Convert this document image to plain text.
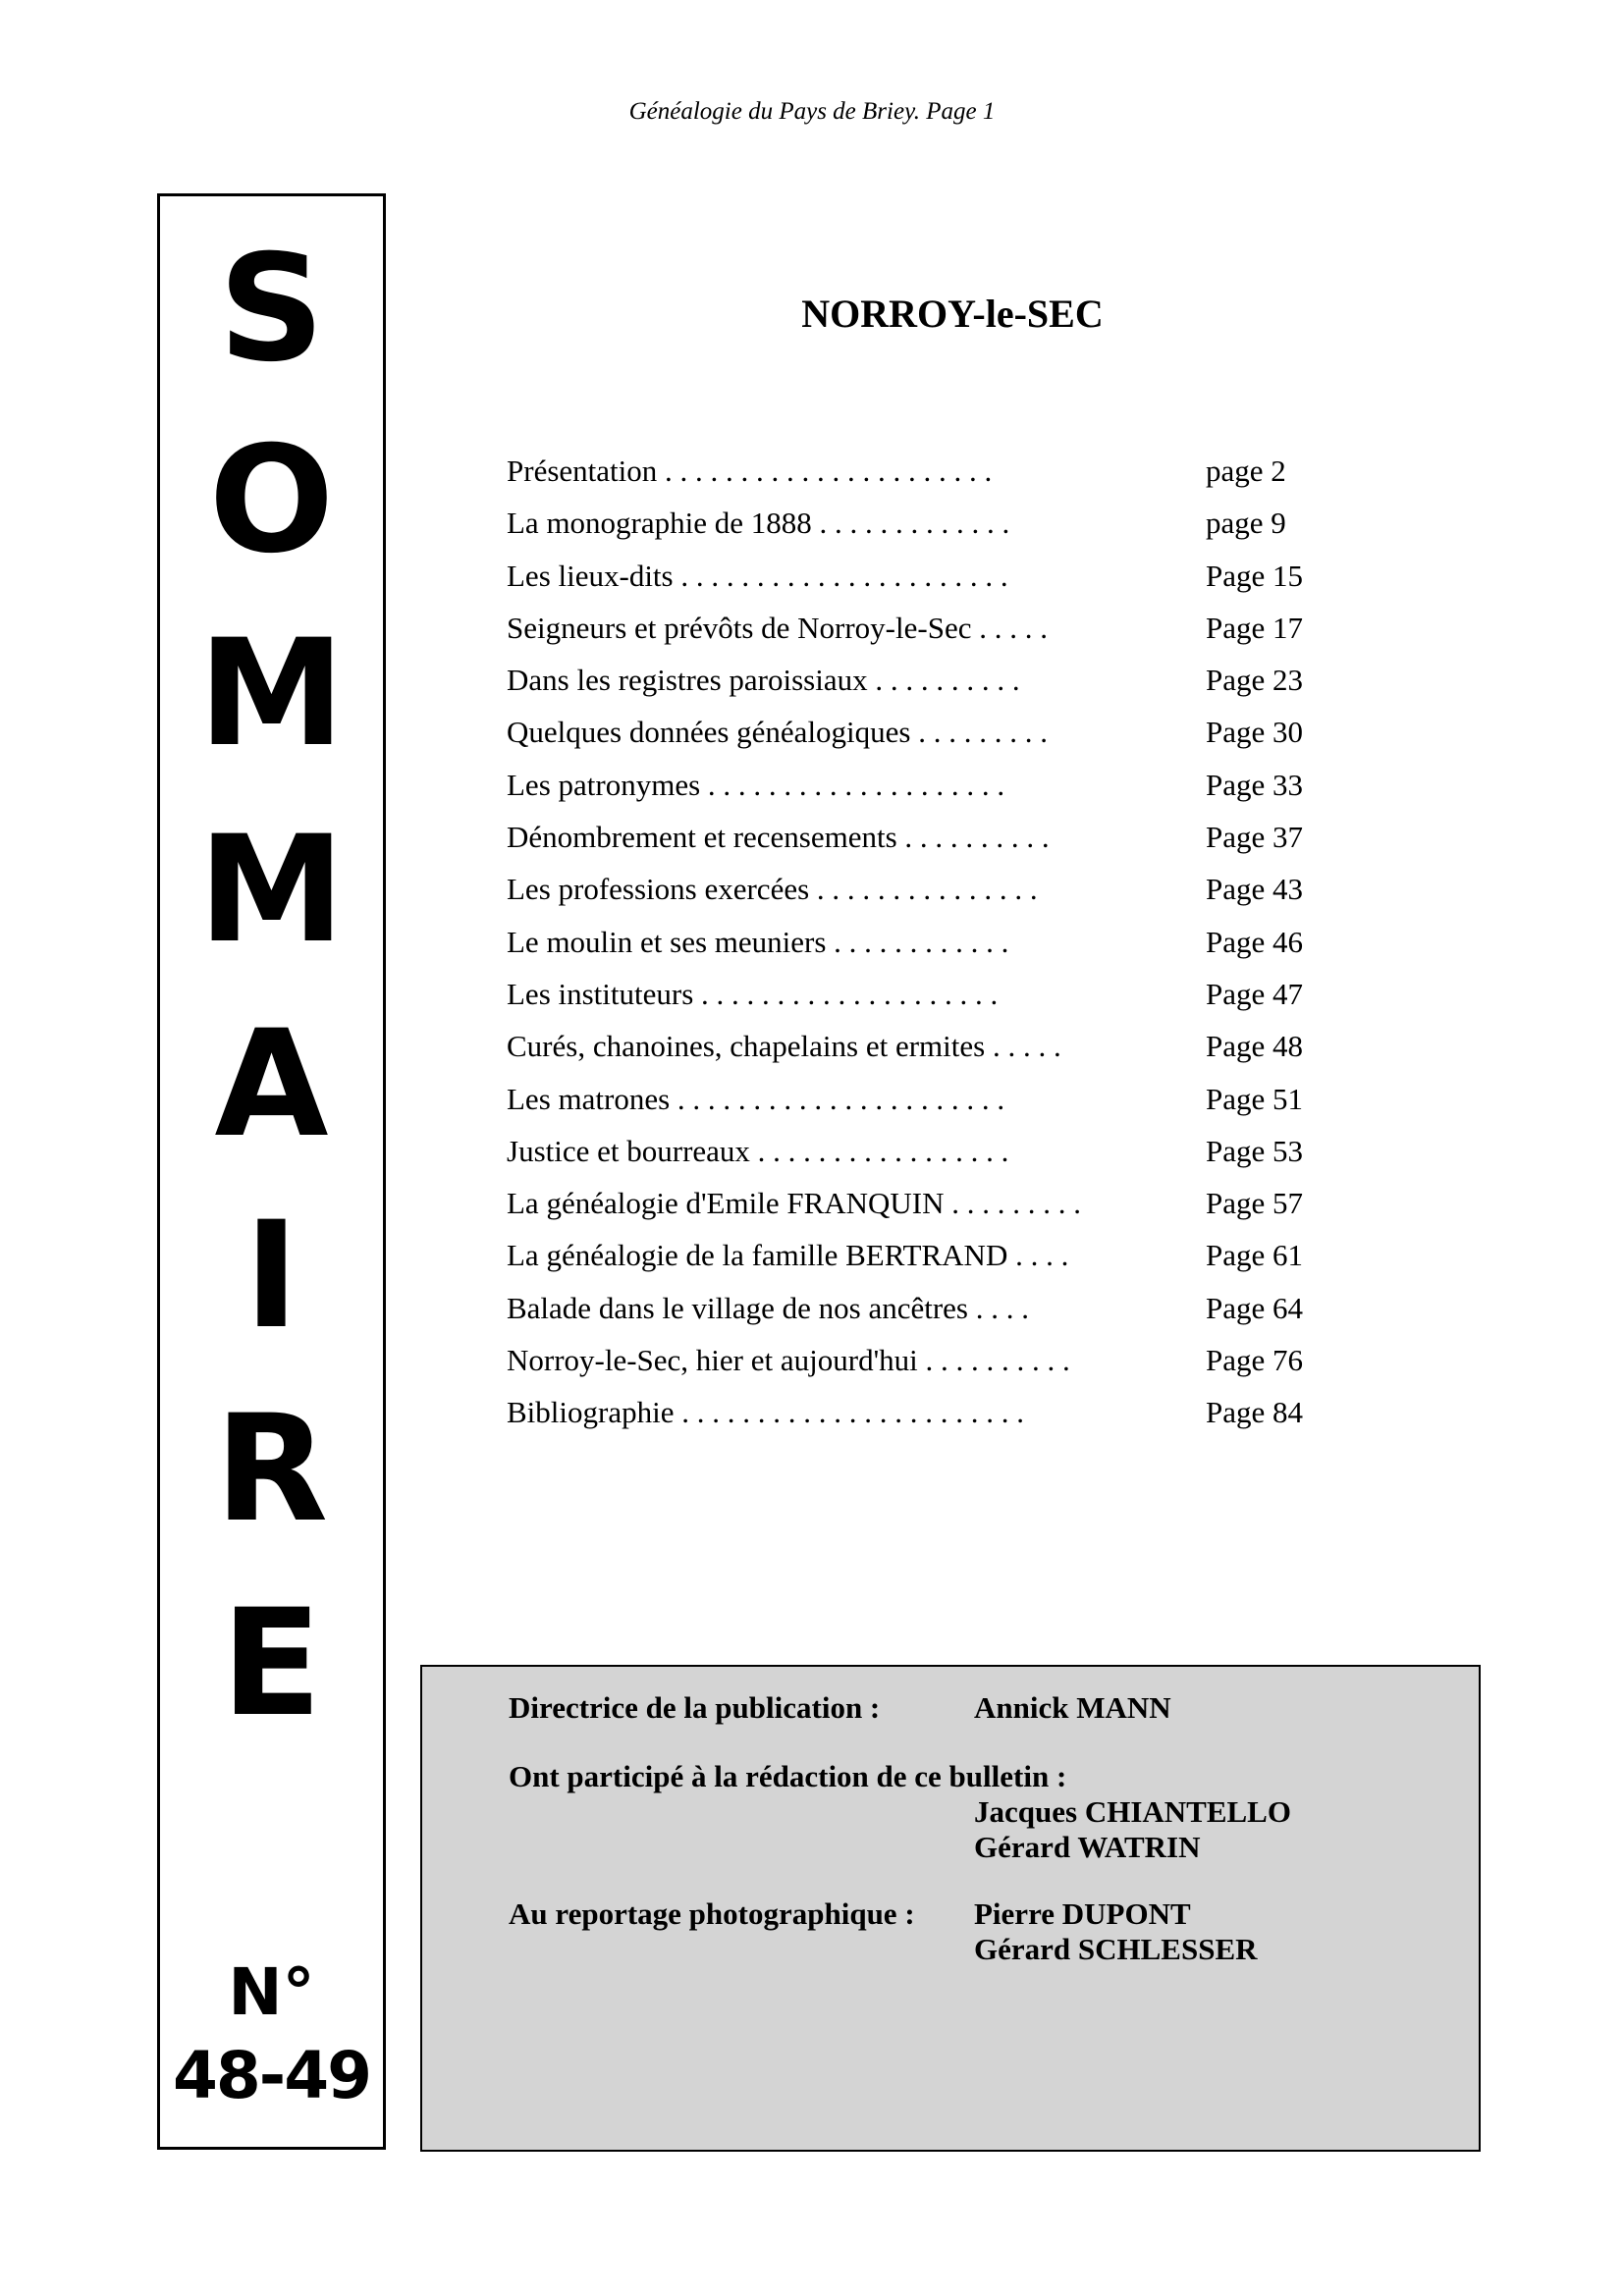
Généalogie du Pays de Briey. Page 1
S
O
M
M
A
I
R
E
N°
48-49
NORROY-le-SEC
Présentation . . . . . . . . . . . . . . . . . . . . . .	page 2
La monographie de 1888 . . . . . . . . . . . . .	page 9
Les lieux-dits . . . . . . . . . . . . . . . . . . . . . .	Page 15
Seigneurs et prévôts de Norroy-le-Sec . . . . .	Page 17
Dans les registres paroissiaux . . . . . . . . . .	Page 23
Quelques données généalogiques . . . . . . . . .	Page 30
Les patronymes . . . . . . . . . . . . . . . . . . . .	Page 33
Dénombrement et recensements . . . . . . . . . .	Page 37
Les professions exercées . . . . . . . . . . . . . . .	Page 43
Le moulin et ses meuniers . . . . . . . . . . . .	Page 46
Les instituteurs . . . . . . . . . . . . . . . . . . . .	Page 47
Curés, chanoines, chapelains et ermites . . . . .	Page 48
Les matrones . . . . . . . . . . . . . . . . . . . . . .	Page 51
Justice et bourreaux . . . . . . . . . . . . . . . . .	Page 53
La généalogie d'Emile FRANQUIN . . . . . . . . .	Page 57
La généalogie de la famille BERTRAND . . . .	Page 61
Balade dans le village de nos ancêtres . . . .	Page 64
Norroy-le-Sec, hier et aujourd'hui . . . . . . . . . .	Page 76
Bibliographie . . . . . . . . . . . . . . . . . . . . . . .	Page 84
Directrice de la publication :	Annick MANN
Ont participé à la rédaction de ce bulletin :
Jacques CHIANTELLO
Gérard WATRIN
Au reportage photographique : Pierre DUPONT
Gérard SCHLESSER
